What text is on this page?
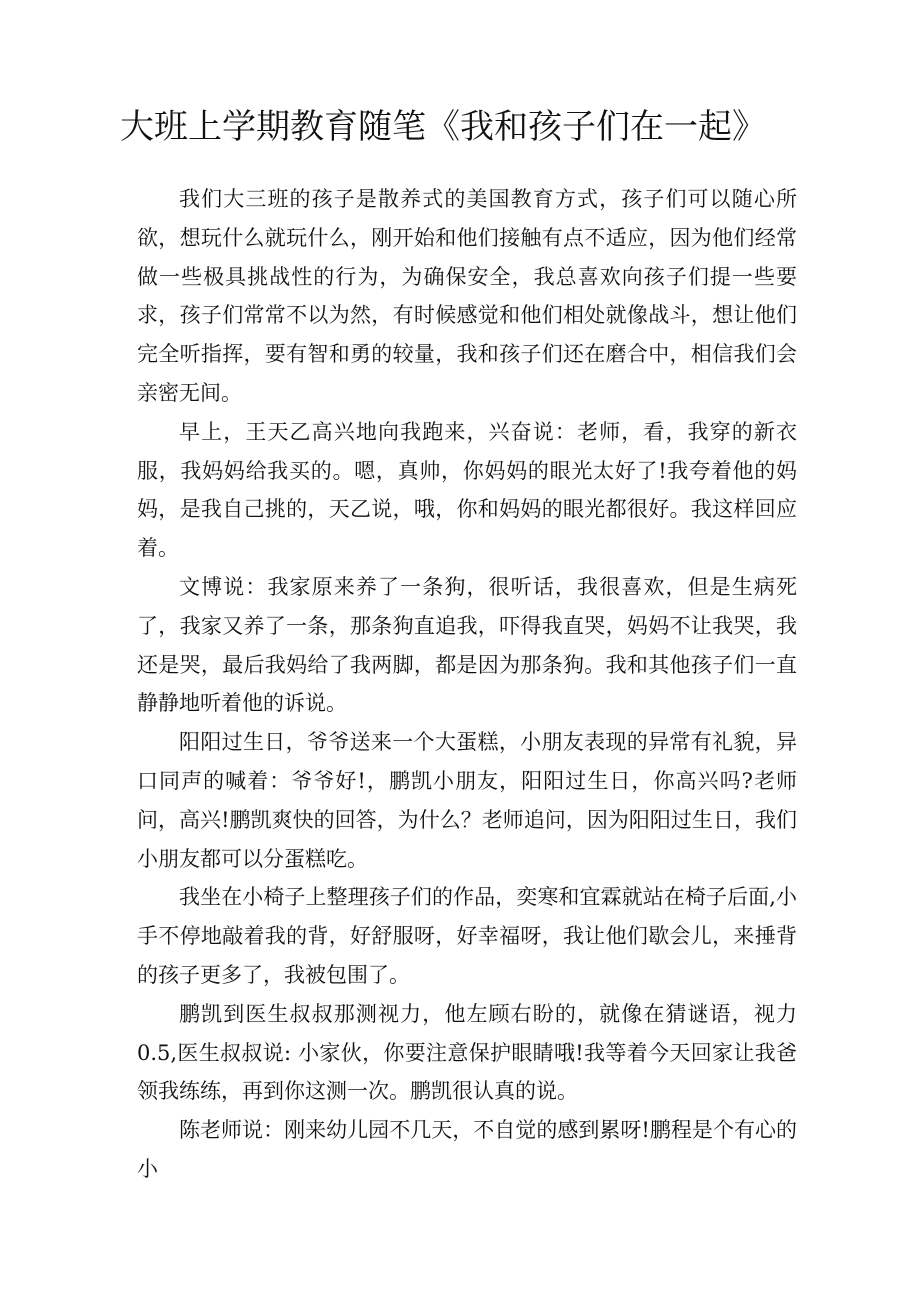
大班上学期教育随笔《我和孩子们在一起》

我们大三班的孩子是散养式的美国教育方式，孩子们可以随心所欲，想玩什么就玩什么，刚开始和他们接触有点不适应，因为他们经常做一些极具挑战性的行为，为确保安全，我总喜欢向孩子们提一些要求，孩子们常常不以为然，有时候感觉和他们相处就像战斗，想让他们完全听指挥，要有智和勇的较量，我和孩子们还在磨合中，相信我们会亲密无间。

早上，王天乙高兴地向我跑来，兴奋说：老师，看，我穿的新衣服，我妈妈给我买的。嗯，真帅，你妈妈的眼光太好了!我夸着他的妈妈，是我自己挑的，天乙说，哦，你和妈妈的眼光都很好。我这样回应着。

文博说：我家原来养了一条狗，很听话，我很喜欢，但是生病死了，我家又养了一条，那条狗直追我，吓得我直哭，妈妈不让我哭，我还是哭，最后我妈给了我两脚，都是因为那条狗。我和其他孩子们一直静静地听着他的诉说。

阳阳过生日，爷爷送来一个大蛋糕，小朋友表现的异常有礼貌，异口同声的喊着：爷爷好!，鹏凯小朋友，阳阳过生日，你高兴吗?老师问，高兴!鹏凯爽快的回答，为什么？老师追问，因为阳阳过生日，我们小朋友都可以分蛋糕吃。

我坐在小椅子上整理孩子们的作品，奕寒和宜霖就站在椅子后面,小手不停地敲着我的背，好舒服呀，好幸福呀，我让他们歇会儿，来捶背的孩子更多了，我被包围了。

鹏凯到医生叔叔那测视力，他左顾右盼的，就像在猜谜语，视力0.5,医生叔叔说: 小家伙，你要注意保护眼睛哦!我等着今天回家让我爸领我练练，再到你这测一次。鹏凯很认真的说。

陈老师说：刚来幼儿园不几天，不自觉的感到累呀!鹏程是个有心的小
